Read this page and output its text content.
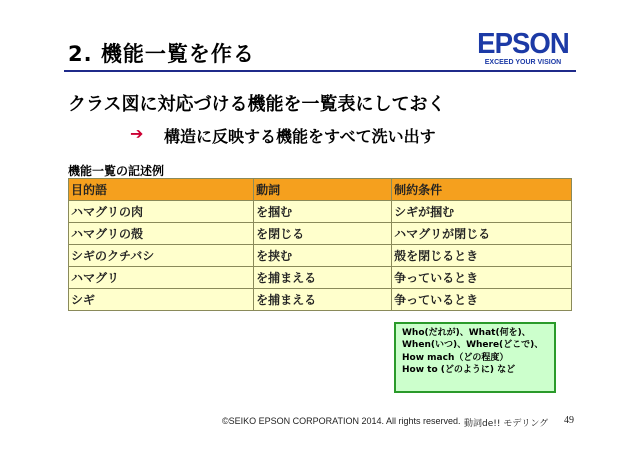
2. 機能一覧を作る	EPSON
EXCEED YOUR VISION
クラス図に対応づける機能を一覧表にしておく
➔ 構造に反映する機能をすべて洗い出す
機能一覧の記述例
目的語	動詞	制約条件
ハマグリの肉	を掴む	シギが掴む
ハマグリの殻	を閉じる	ハマグリが閉じる
シギのクチバシ	を挟む	殻を閉じるとき
ハマグリ	を捕まえる	争っているとき
シギ	を捕まえる	争っているとき
Who(だれが)、What(何を)、
When(いつ)、Where(どこで)、
How mach（どの程度）
How to (どのように) など
©SEIKO EPSON CORPORATION 2014. All rights reserved. 動詞de!! モデリング 49
